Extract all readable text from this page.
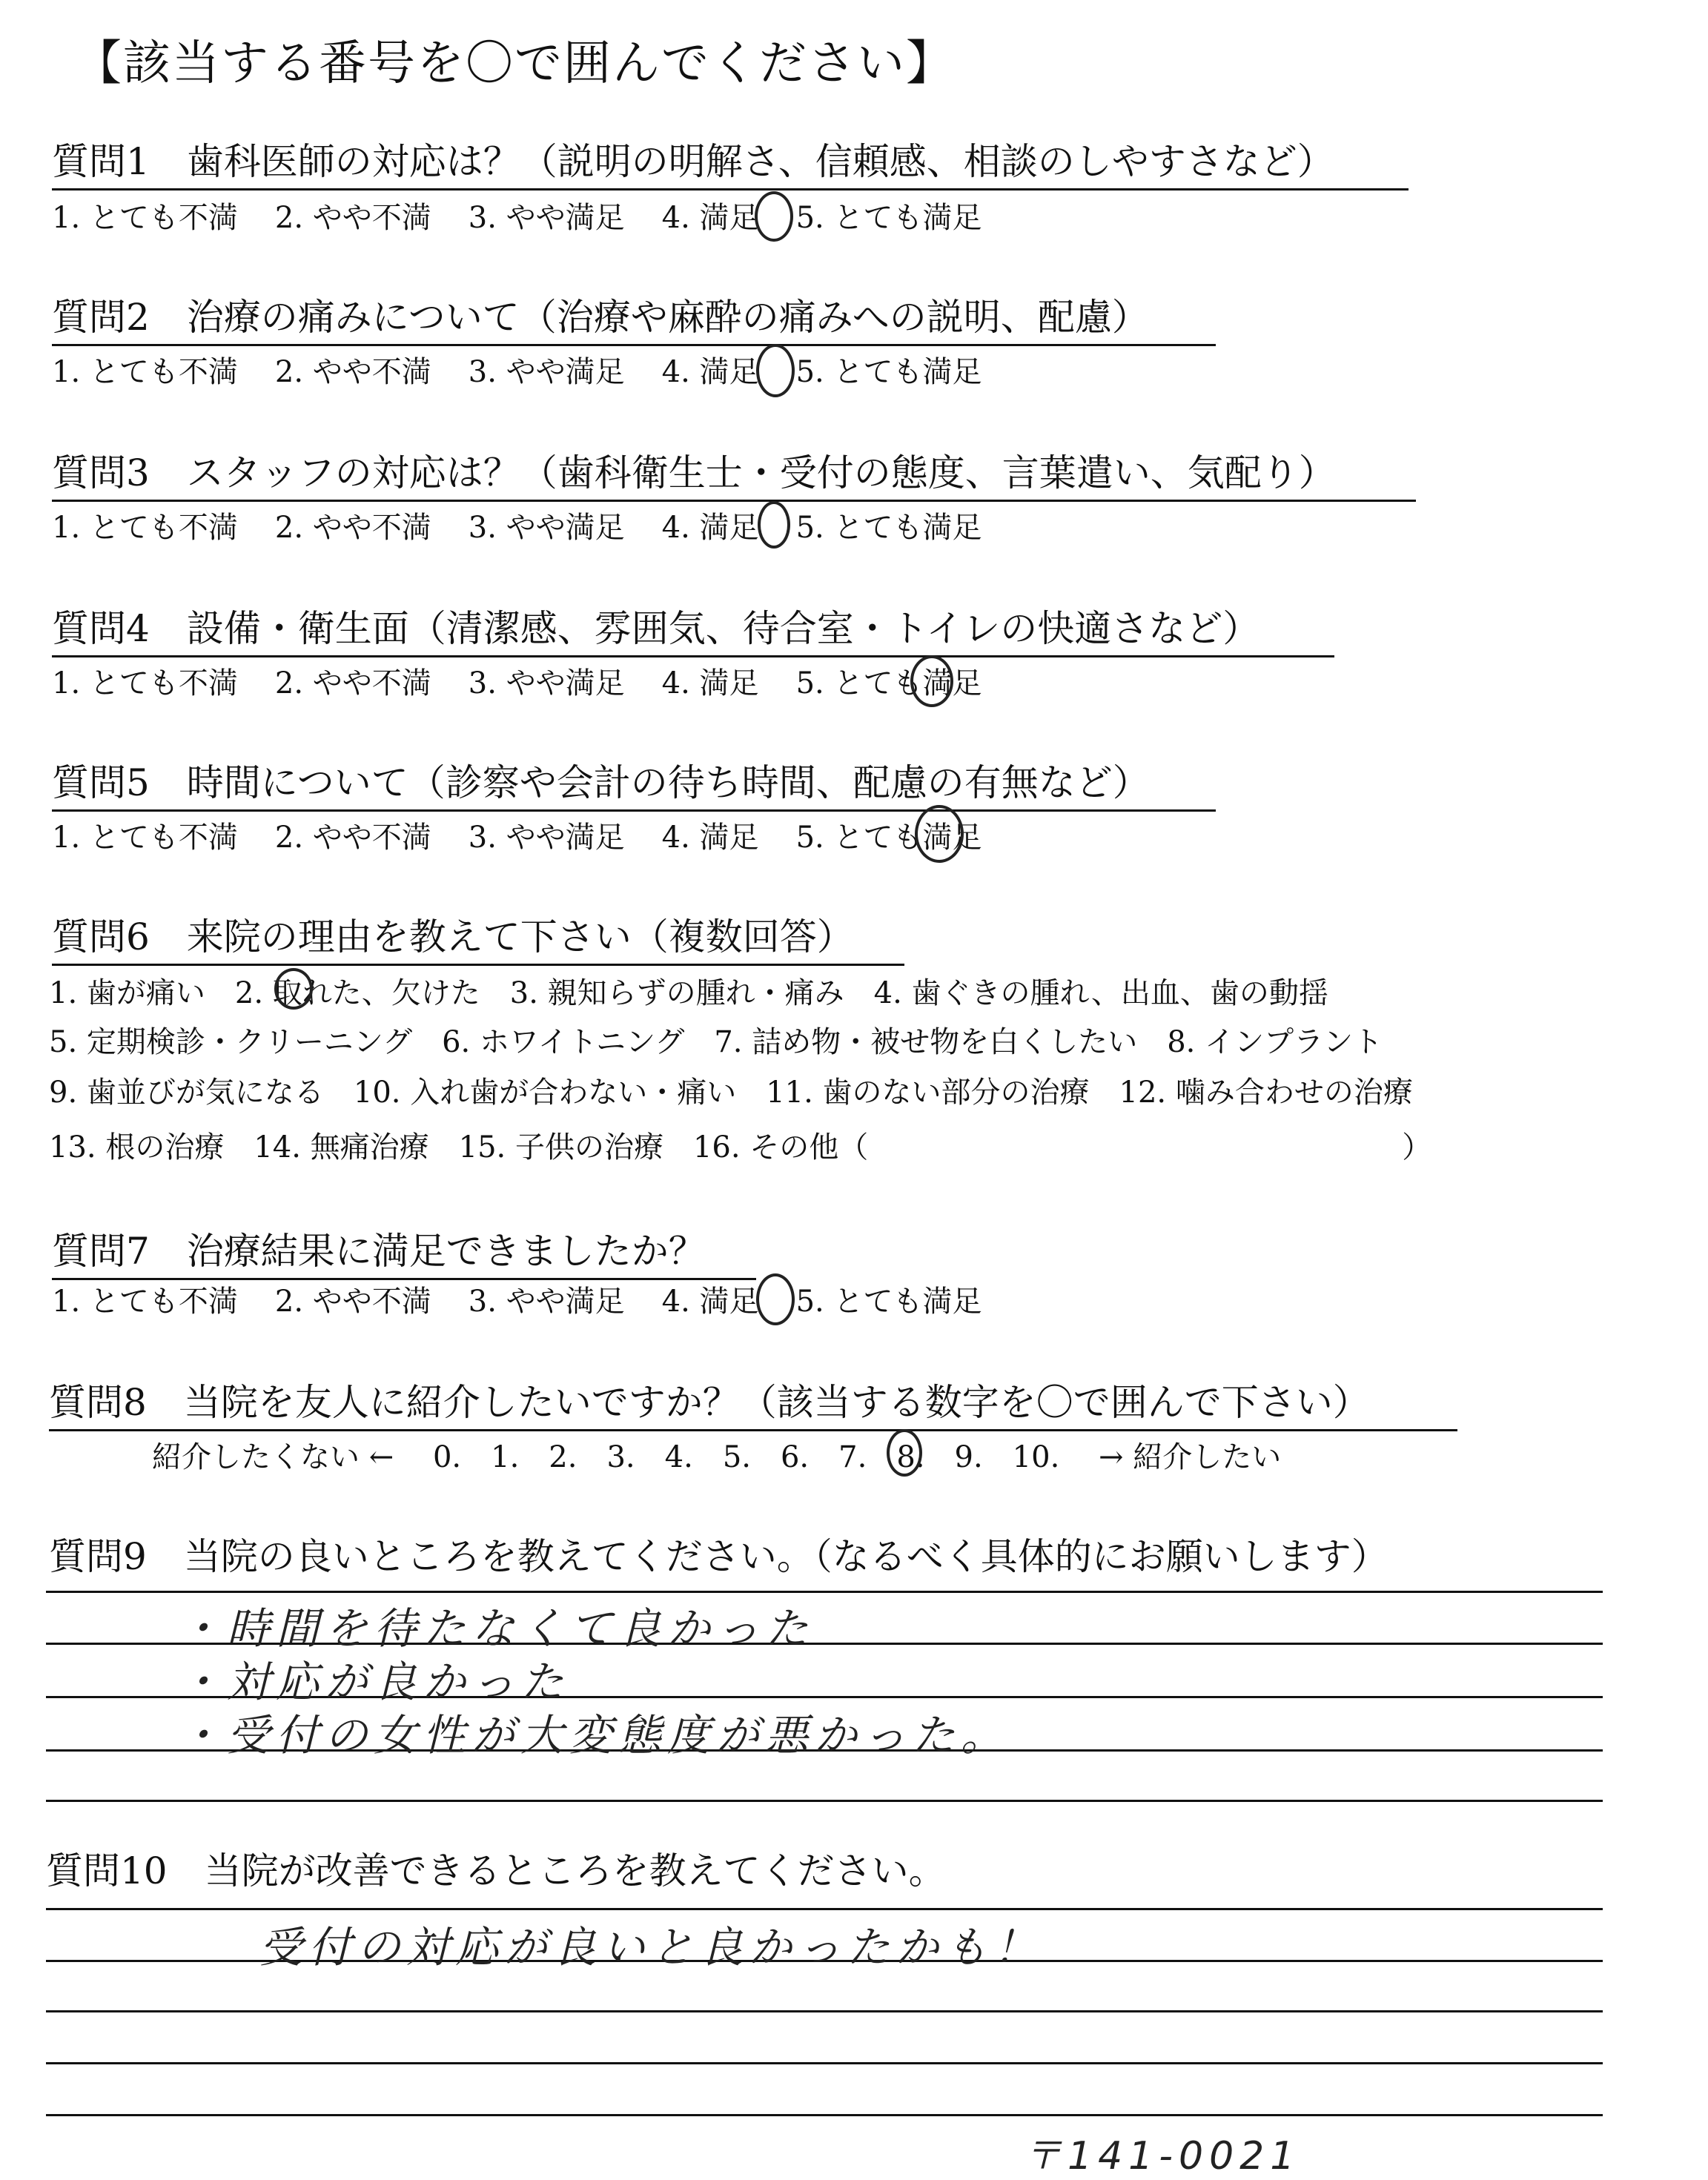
【該当する番号を〇で囲んでください】
質問1　歯科医師の対応は？（説明の明解さ、信頼感、相談のしやすさなど）
1. とても不満 2. やや不満 3. やや満足 4. 満足 5. とても満足
質問2　治療の痛みについて（治療や麻酔の痛みへの説明、配慮）
1. とても不満 2. やや不満 3. やや満足 4. 満足 5. とても満足
質問3　スタッフの対応は？（歯科衛生士・受付の態度、言葉遣い、気配り）
1. とても不満 2. やや不満 3. やや満足 4. 満足 5. とても満足
質問4　設備・衛生面（清潔感、雰囲気、待合室・トイレの快適さなど）
1. とても不満 2. やや不満 3. やや満足 4. 満足 5. とても満足
質問5　時間について（診察や会計の待ち時間、配慮の有無など）
1. とても不満 2. やや不満 3. やや満足 4. 満足 5. とても満足
質問6　来院の理由を教えて下さい（複数回答）
1. 歯が痛い　2. 取れた、欠けた　3. 親知らずの腫れ・痛み　4. 歯ぐきの腫れ、出血、歯の動揺
5. 定期検診・クリーニング　6. ホワイトニング　7. 詰め物・被せ物を白くしたい　8. インプラント
9. 歯並びが気になる　10. 入れ歯が合わない・痛い　11. 歯のない部分の治療　12. 噛み合わせの治療
13. 根の治療　14. 無痛治療　15. 子供の治療　16. その他（　　　　　　　　　　　　　　　　　　）
質問7　治療結果に満足できましたか？
1. とても不満 2. やや不満 3. やや満足 4. 満足 5. とても満足
質問8　当院を友人に紹介したいですか？（該当する数字を〇で囲んで下さい）
紹介したくない ← 0. 1. 2. 3. 4. 5. 6. 7. 8. 9. 10. → 紹介したい
質問9　当院の良いところを教えてください。（なるべく具体的にお願いします）
・時間を待たなくて良かった
・対応が良かった
・受付の女性が大変態度が悪かった。
質問10　当院が改善できるところを教えてください。
受付の対応が良いと良かったかも！
〒141-0021
